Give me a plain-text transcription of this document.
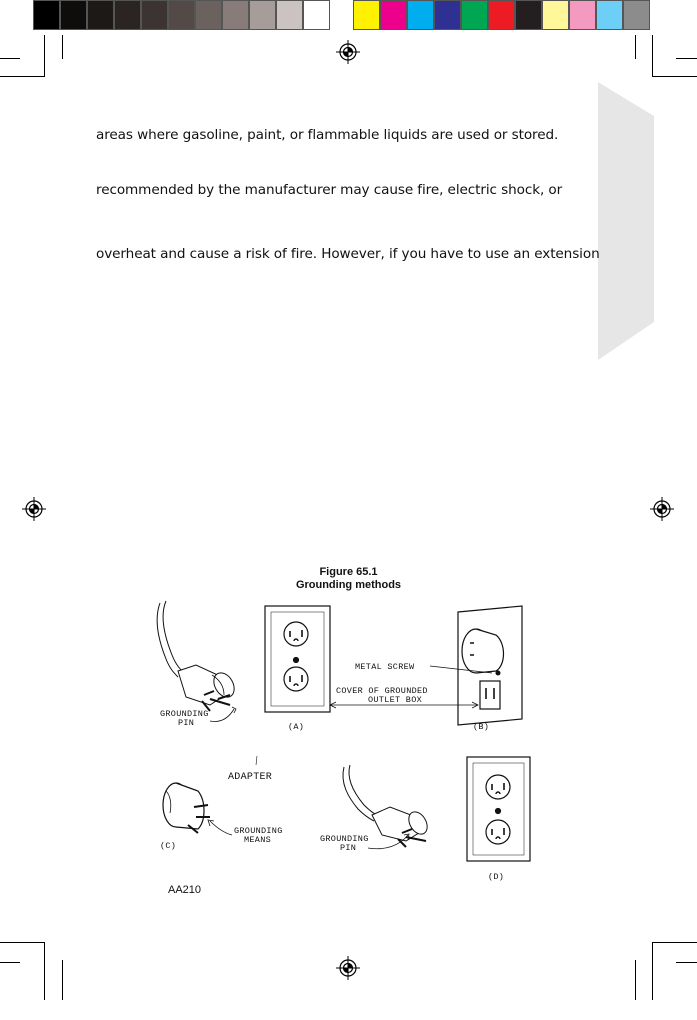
areas where gasoline, paint, or flammable liquids are used or stored.
recommended by the manufacturer may cause fire, electric shock, or
overheat and cause a risk of fire. However, if you have to use an extension
Figure 65.1
Grounding methods
GROUNDING
PIN	(A)
METAL SCREW
COVER OF GROUNDED
OUTLET BOX
(B)
ADAPTER
GROUNDING
MEANS
(C)
GROUNDING
PIN
(D)
AA210
